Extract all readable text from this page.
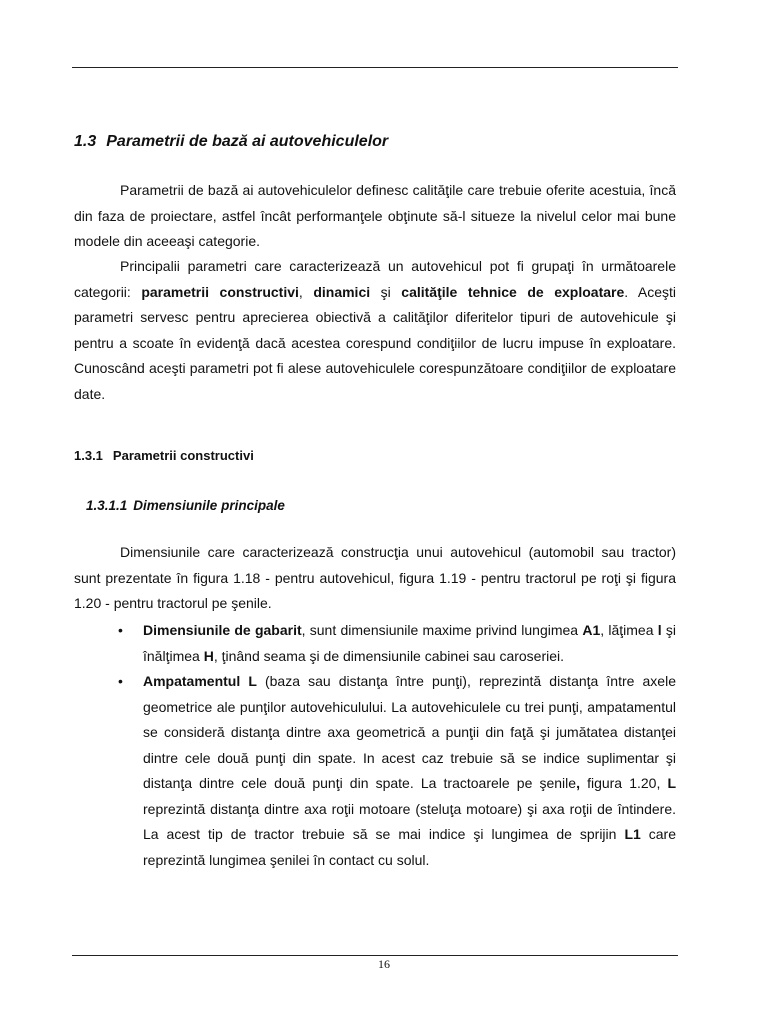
1.3 Parametrii de bază ai autovehiculelor

Parametrii de bază ai autovehiculelor definesc calităţile care trebuie oferite acestuia, încă din faza de proiectare, astfel încât performanţele obţinute să-l situeze la nivelul celor mai bune modele din aceeaşi categorie.

Principalii parametri care caracterizează un autovehicul pot fi grupaţi în următoarele categorii: parametrii constructivi, dinamici şi calităţile tehnice de exploatare. Aceşti parametri servesc pentru aprecierea obiectivă a calităţilor diferitelor tipuri de autovehicule şi pentru a scoate în evidenţă dacă acestea corespund condiţiilor de lucru impuse în exploatare. Cunoscând aceşti parametri pot fi alese autovehiculele corespunzătoare condiţiilor de exploatare date.

1.3.1 Parametrii constructivi
1.3.1.1 Dimensiunile principale

Dimensiunile care caracterizează construcţia unui autovehicul (automobil sau tractor) sunt prezentate în figura 1.18 - pentru autovehicul, figura 1.19 - pentru tractorul pe roţi şi figura 1.20 - pentru tractorul pe şenile.

• Dimensiunile de gabarit, sunt dimensiunile maxime privind lungimea A1, lăţimea l şi înălţimea H, ţinând seama şi de dimensiunile cabinei sau caroseriei.
• Ampatamentul L (baza sau distanţa între punţi), reprezintă distanţa între axele geometrice ale punţilor autovehiculului. La autovehiculele cu trei punţi, ampatamentul se consideră distanţa dintre axa geometrică a punţii din faţă şi jumătatea distanţei dintre cele două punţi din spate. In acest caz trebuie să se indice suplimentar şi distanţa dintre cele două punţi din spate. La tractoarele pe şenile, figura 1.20, L reprezintă distanţa dintre axa roţii motoare (steluţa motoare) şi axa roţii de întindere. La acest tip de tractor trebuie să se mai indice şi lungimea de sprijin L1 care reprezintă lungimea şenilei în contact cu solul.
16
